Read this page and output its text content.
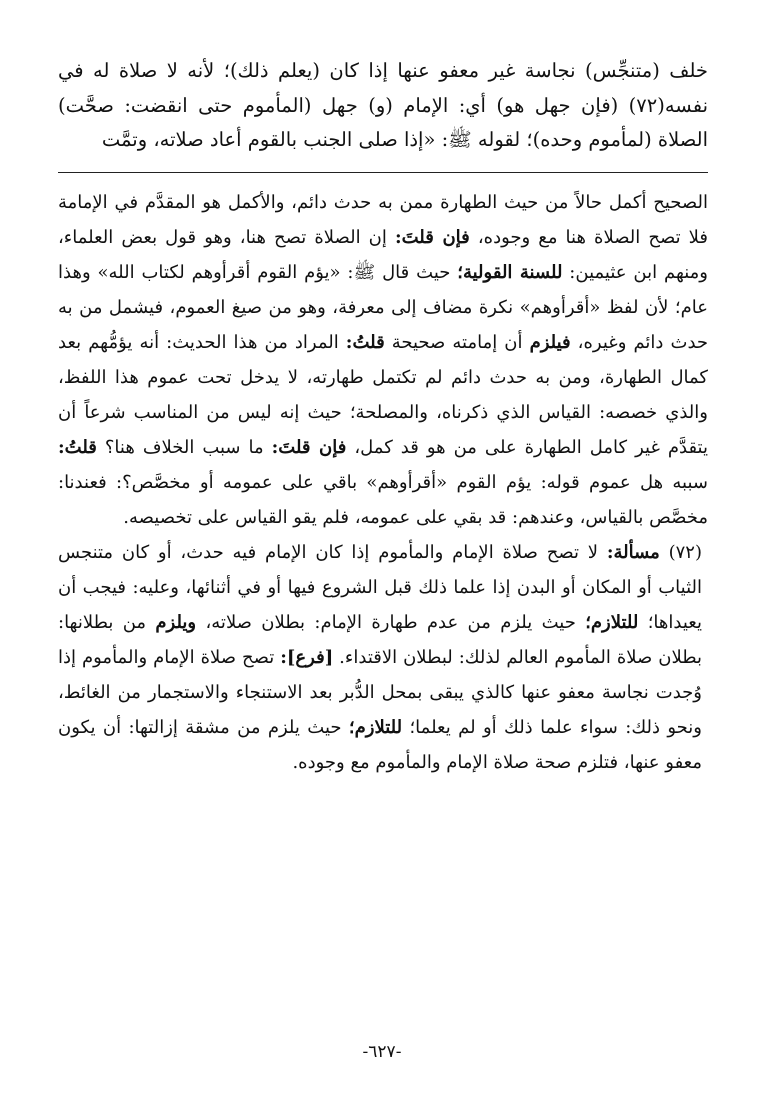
خلف (متنجِّس) نجاسة غير معفو عنها إذا كان (يعلم ذلك)؛ لأنه لا صلاة له في نفسه(٧٢) (فإن جهل هو) أي: الإمام (و) جهل (المأموم حتى انقضت: صحَّت) الصلاة (لمأموم وحده)؛ لقوله ﷺ: «إذا صلى الجنب بالقوم أعاد صلاته، وتمَّت

الصحيح أكمل حالاً من حيث الطهارة ممن به حدث دائم، والأكمل هو المقدَّم في الإمامة فلا تصح الصلاة هنا مع وجوده، فإن قلتَ: إن الصلاة تصح هنا، وهو قول بعض العلماء، ومنهم ابن عثيمين: للسنة القولية؛ حيث قال ﷺ: «يؤم القوم أقرأوهم لكتاب الله» وهذا عام؛ لأن لفظ «أقرأوهم» نكرة مضاف إلى معرفة، وهو من صيغ العموم، فيشمل من به حدث دائم وغيره، فيلزم أن إمامته صحيحة قلتُ: المراد من هذا الحديث: أنه يؤمُّهم بعد كمال الطهارة، ومن به حدث دائم لم تكتمل طهارته، لا يدخل تحت عموم هذا اللفظ، والذي خصصه: القياس الذي ذكرناه، والمصلحة؛ حيث إنه ليس من المناسب شرعاً أن يتقدَّم غير كامل الطهارة على من هو قد كمل، فإن قلتَ: ما سبب الخلاف هنا؟ قلتُ: سببه هل عموم قوله: يؤم القوم «أقرأوهم» باقي على عمومه أو مخصَّص؟: فعندنا: مخصَّص بالقياس، وعندهم: قد بقي على عمومه، فلم يقو القياس على تخصيصه.

(٧٢) مسألة: لا تصح صلاة الإمام والمأموم إذا كان الإمام فيه حدث، أو كان متنجس الثياب أو المكان أو البدن إذا علما ذلك قبل الشروع فيها أو في أثنائها، وعليه: فيجب أن يعيداها؛ للتلازم؛ حيث يلزم من عدم طهارة الإمام: بطلان صلاته، ويلزم من بطلانها: بطلان صلاة المأموم العالم لذلك: لبطلان الاقتداء. [فرع]: تصح صلاة الإمام والمأموم إذا وُجدت نجاسة معفو عنها كالذي يبقى بمحل الدُّبر بعد الاستنجاء والاستجمار من الغائط، ونحو ذلك: سواء علما ذلك أو لم يعلما؛ للتلازم؛ حيث يلزم من مشقة إزالتها: أن يكون معفو عنها، فتلزم صحة صلاة الإمام والمأموم مع وجوده.

-٦٢٧-
